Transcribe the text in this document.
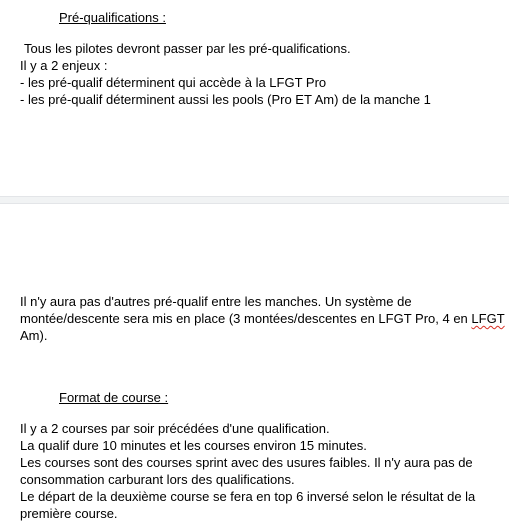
Pré-qualifications :
Tous les pilotes devront passer par les pré-qualifications.
Il y a 2 enjeux :
- les pré-qualif déterminent qui accède à la LFGT Pro
- les pré-qualif déterminent aussi les pools (Pro ET Am) de la manche 1
Il n'y aura pas d'autres pré-qualif entre les manches. Un système de
montée/descente sera mis en place (3 montées/descentes en LFGT Pro, 4 en LFGT
Am).
Format de course :
Il y a 2 courses par soir précédées d'une qualification.
La qualif dure 10 minutes et les courses environ 15 minutes.
Les courses sont des courses sprint avec des usures faibles. Il n'y aura pas de
consommation carburant lors des qualifications.
Le départ de la deuxième course se fera en top 6 inversé selon le résultat de la
première course.
